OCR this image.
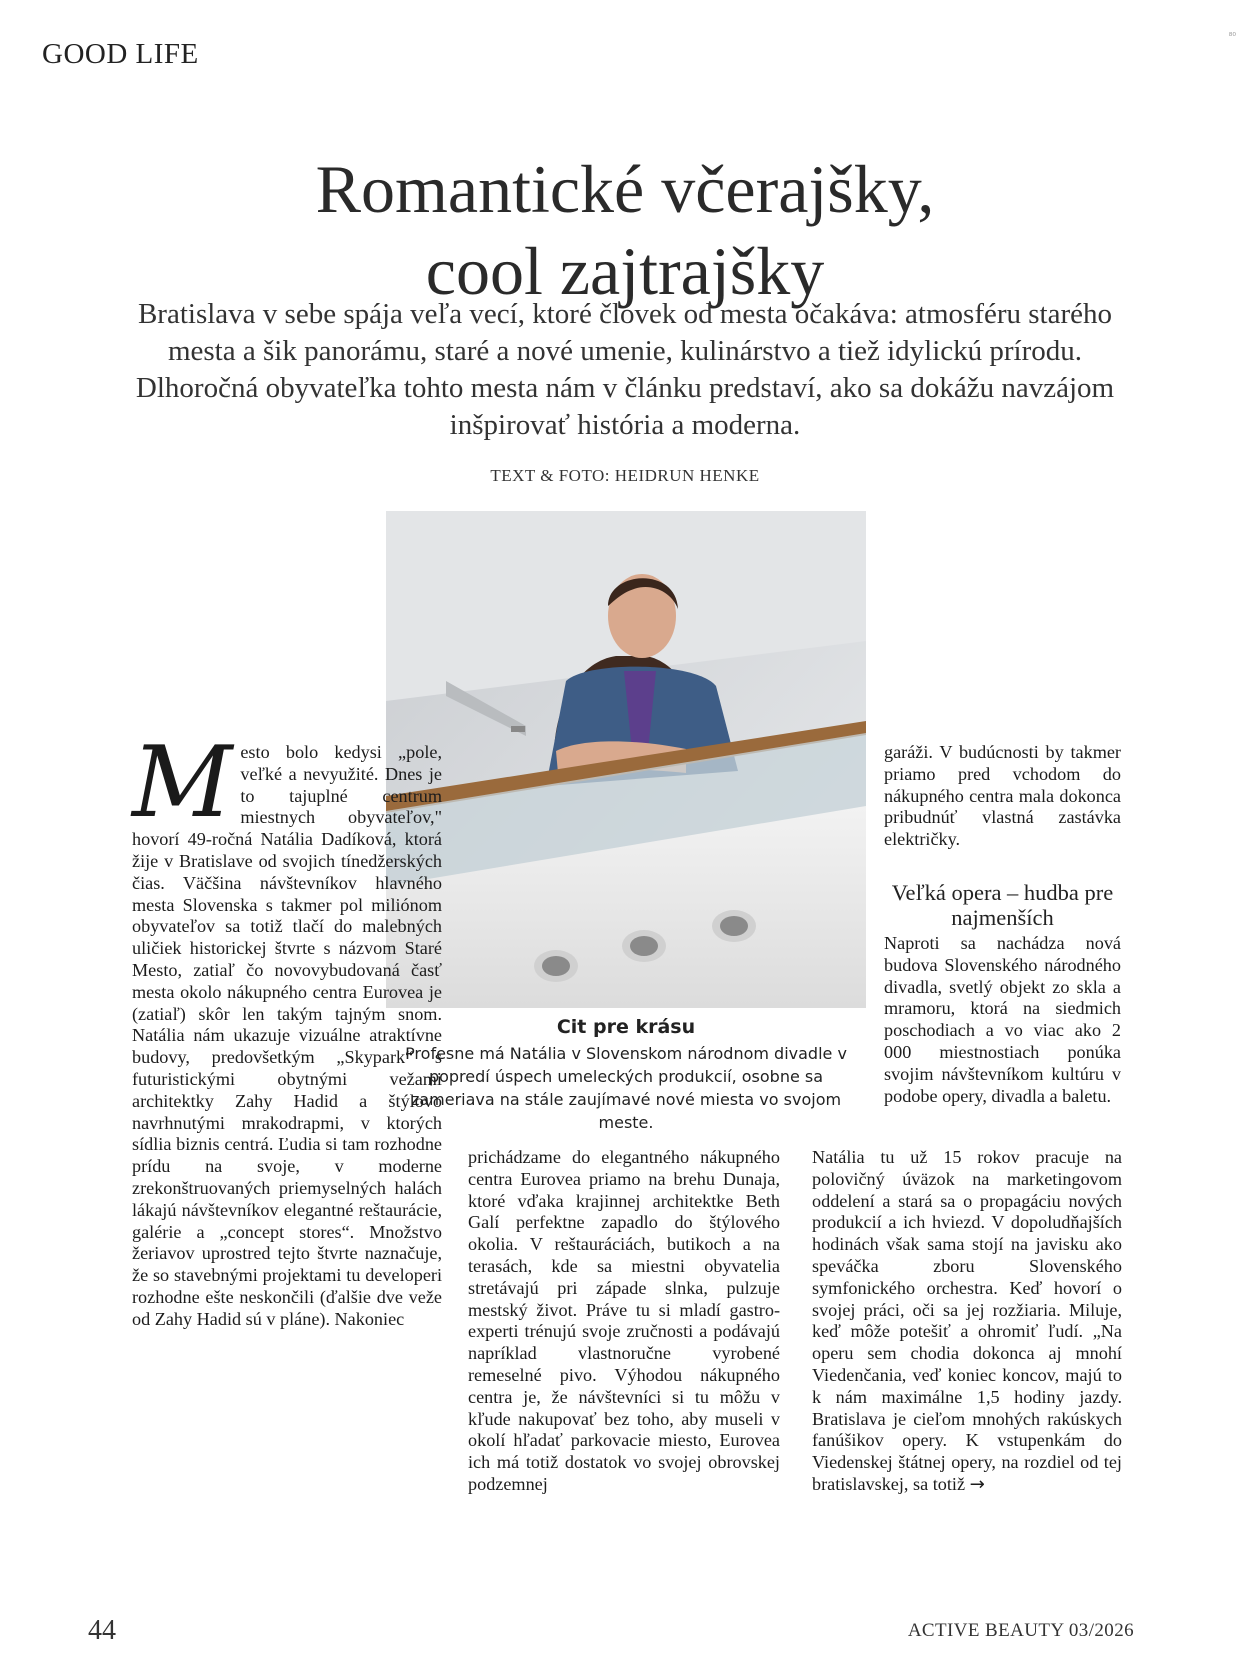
GOOD LIFE
⁸⁰
Romantické včerajšky,
cool zajtrajšky
Bratislava v sebe spája veľa vecí, ktoré človek od mesta očakáva: atmosféru starého mesta a šik panorámu, staré a nové umenie, kulinárstvo a tiež idylickú prírodu. Dlhoročná obyvateľka tohto mesta nám v článku predstaví, ako sa dokážu navzájom inšpirovať história a moderna.
TEXT & FOTO: HEIDRUN HENKE
Cit pre krásu
Profesne má Natália v Slovenskom národnom divadle v popredí úspech umeleckých produkcií, osobne sa zameriava na stále zaujímavé nové miesta vo svojom meste.
M esto bolo kedysi „pole, veľké a nevyužité. Dnes je to tajuplné centrum miestnych obyvateľov," hovorí 49-ročná Natália Dadíková, ktorá žije v Bratislave od svojich tínedžerských čias. Väčšina návštevníkov hlavného mesta Slovenska s takmer pol miliónom obyvateľov sa totiž tlačí do malebných uličiek historickej štvrte s názvom Staré Mesto, zatiaľ čo novovybudovaná časť mesta okolo nákupného centra Eurovea je (zatiaľ) skôr len takým tajným snom. Natália nám ukazuje vizuálne atraktívne budovy, predovšetkým „Skypark“ s futuristickými obytnými vežami architektky Zahy Hadid a štýlovo navrhnutými mrakodrapmi, v ktorých sídlia biznis centrá. Ľudia si tam rozhodne prídu na svoje, v moderne zrekonštruovaných priemyselných halách lákajú návštevníkov elegantné reštaurácie, galérie a „concept stores“. Množstvo žeriavov uprostred tejto štvrte naznačuje, že so stavebnými projektami tu developeri rozhodne ešte neskončili (ďalšie dve veže od Zahy Hadid sú v pláne). Nakoniec
prichádzame do elegantného nákupného centra Eurovea priamo na brehu Dunaja, ktoré vďaka krajinnej architektke Beth Galí perfektne zapadlo do štýlového okolia. V reštauráciách, butikoch a na terasách, kde sa miestni obyvatelia stretávajú pri západe slnka, pulzuje mestský život. Práve tu si mladí gastro-experti trénujú svoje zručnosti a podávajú napríklad vlastnoručne vyrobené remeselné pivo. Výhodou nákupného centra je, že návštevníci si tu môžu v kľude nakupovať bez toho, aby museli v okolí hľadať parkovacie miesto, Eurovea ich má totiž dostatok vo svojej obrovskej podzemnej
garáži. V budúcnosti by takmer priamo pred vchodom do nákupného centra mala dokonca pribudnúť vlastná zastávka električky.
Veľká opera – hudba pre najmenších
Naproti sa nachádza nová budova Slovenského národného divadla, svetlý objekt zo skla a mramoru, ktorá na siedmich poschodiach a vo viac ako 2 000 miestnostiach ponúka svojim návštevníkom kultúru v podobe opery, divadla a baletu.
Natália tu už 15 rokov pracuje na polovičný úväzok na marketingovom oddelení a stará sa o propagáciu nových produkcií a ich hviezd. V dopoludňajších hodinách však sama stojí na javisku ako speváčka zboru Slovenského symfonického orchestra. Keď hovorí o svojej práci, oči sa jej rozžiaria. Miluje, keď môže potešiť a ohromiť ľudí. „Na operu sem chodia dokonca aj mnohí Viedenčania, veď koniec koncov, majú to k nám maximálne 1,5 hodiny jazdy. Bratislava je cieľom mnohých rakúskych fanúšikov opery. K vstupenkám do Viedenskej štátnej opery, na rozdiel od tej bratislavskej, sa totiž →
44	ACTIVE BEAUTY 03/2026
